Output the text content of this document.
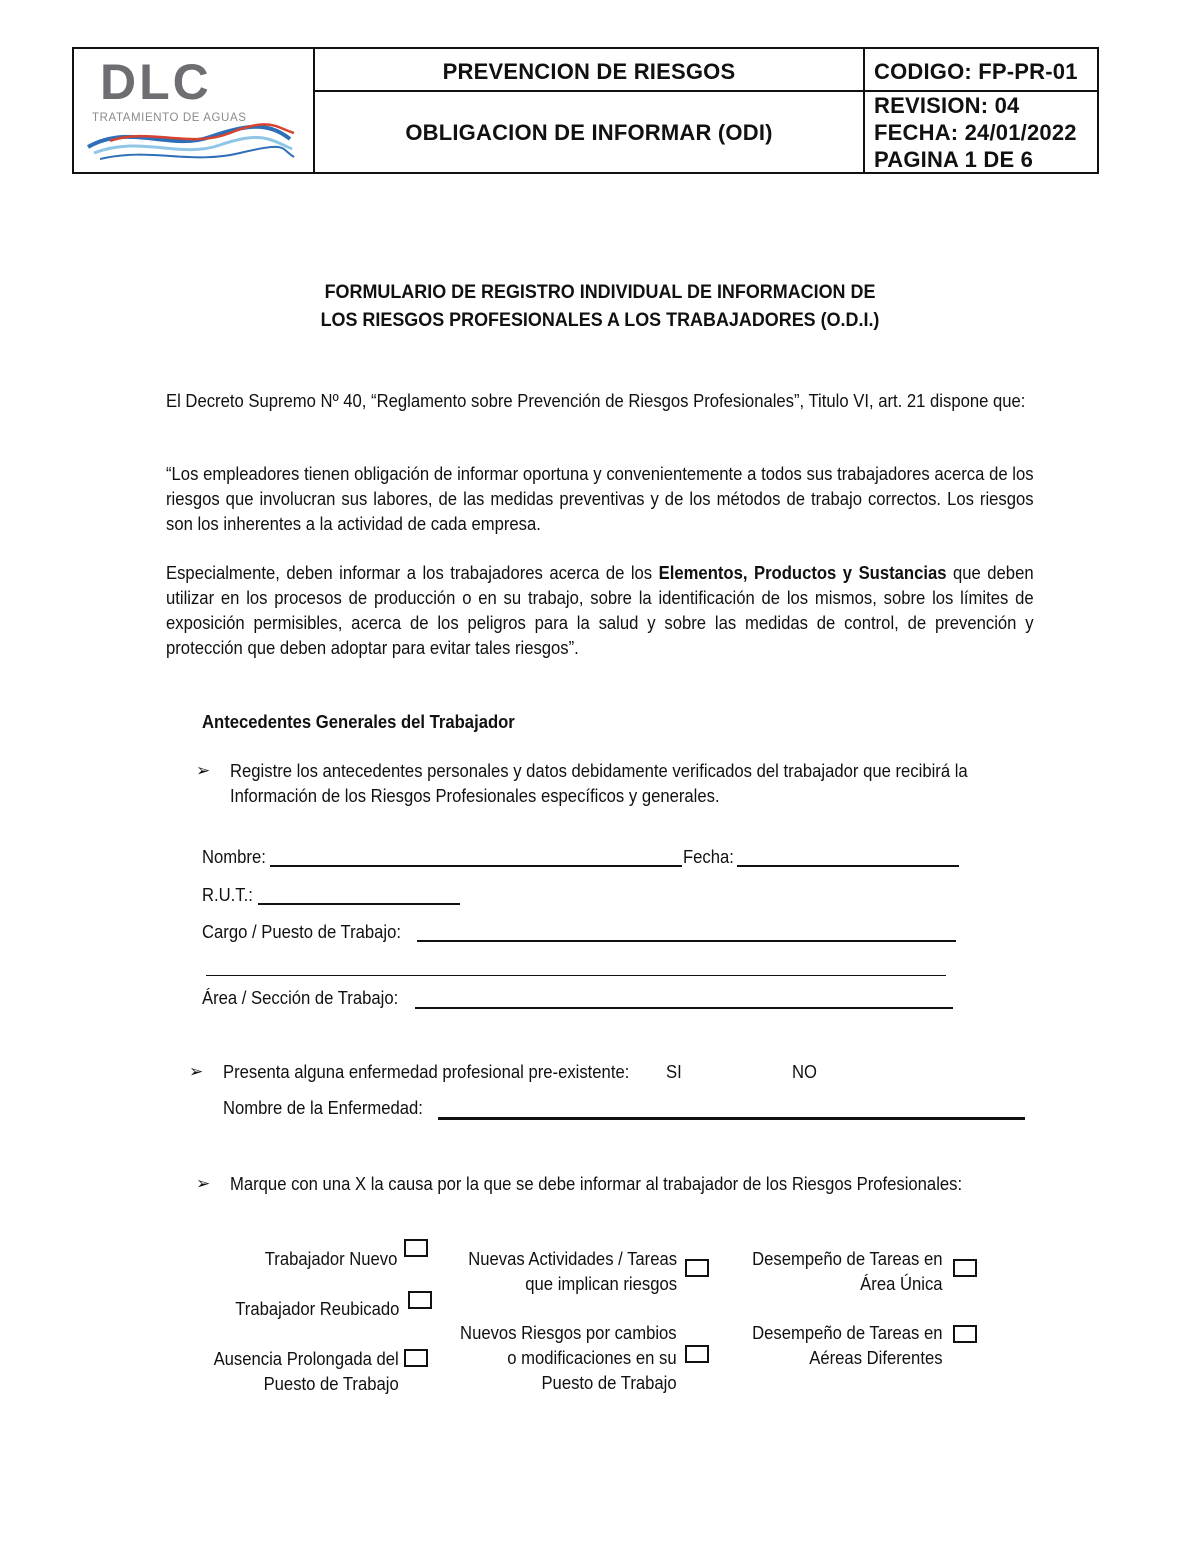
DLC
TRATAMIENTO DE AGUAS
PREVENCION DE RIESGOS
OBLIGACION DE INFORMAR (ODI)
CODIGO: FP-PR-01
REVISION: 04
FECHA: 24/01/2022
PAGINA 1 DE 6
FORMULARIO DE REGISTRO INDIVIDUAL DE INFORMACION DE
LOS RIESGOS PROFESIONALES A LOS TRABAJADORES (O.D.I.)
El Decreto Supremo Nº 40, “Reglamento sobre Prevención de Riesgos Profesionales”, Titulo VI, art. 21 dispone que:
“Los empleadores tienen obligación de informar oportuna y convenientemente a todos sus trabajadores acerca de los riesgos que involucran sus labores, de las medidas preventivas y de los métodos de trabajo correctos. Los riesgos son los inherentes a la actividad de cada empresa.
Especialmente, deben informar a los trabajadores acerca de los Elementos, Productos y Sustancias que deben utilizar en los procesos de producción o en su trabajo, sobre la identificación de los mismos, sobre los límites de exposición permisibles, acerca de los peligros para la salud y sobre las medidas de control, de prevención y protección que deben adoptar para evitar tales riesgos”.
Antecedentes Generales del Trabajador
➢ Registre los antecedentes personales y datos debidamente verificados del trabajador que recibirá la
Información de los Riesgos Profesionales específicos y generales.
Nombre:	Fecha:
R.U.T.:
Cargo / Puesto de Trabajo:
Área / Sección de Trabajo:
➢ Presenta alguna enfermedad profesional pre-existente: SI	NO
Nombre de la Enfermedad:
➢ Marque con una X la causa por la que se debe informar al trabajador de los Riesgos Profesionales:
Trabajador Nuevo
Trabajador Reubicado
Ausencia Prolongada del
Puesto de Trabajo
Nuevas Actividades / Tareas
que implican riesgos
Nuevos Riesgos por cambios
o modificaciones en su
Puesto de Trabajo
Desempeño de Tareas en
Área Única
Desempeño de Tareas en
Aéreas Diferentes
